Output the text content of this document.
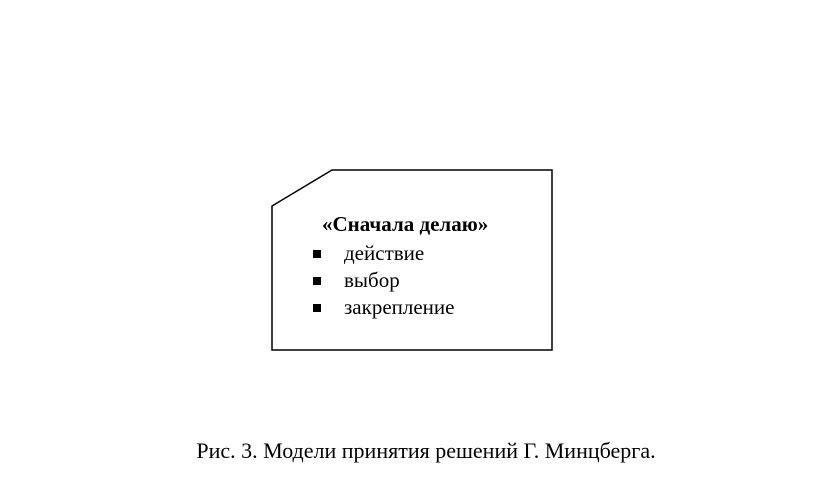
«Сначала делаю»
действие
выбор
закрепление
Рис. 3. Модели принятия решений Г. Минцберга.
